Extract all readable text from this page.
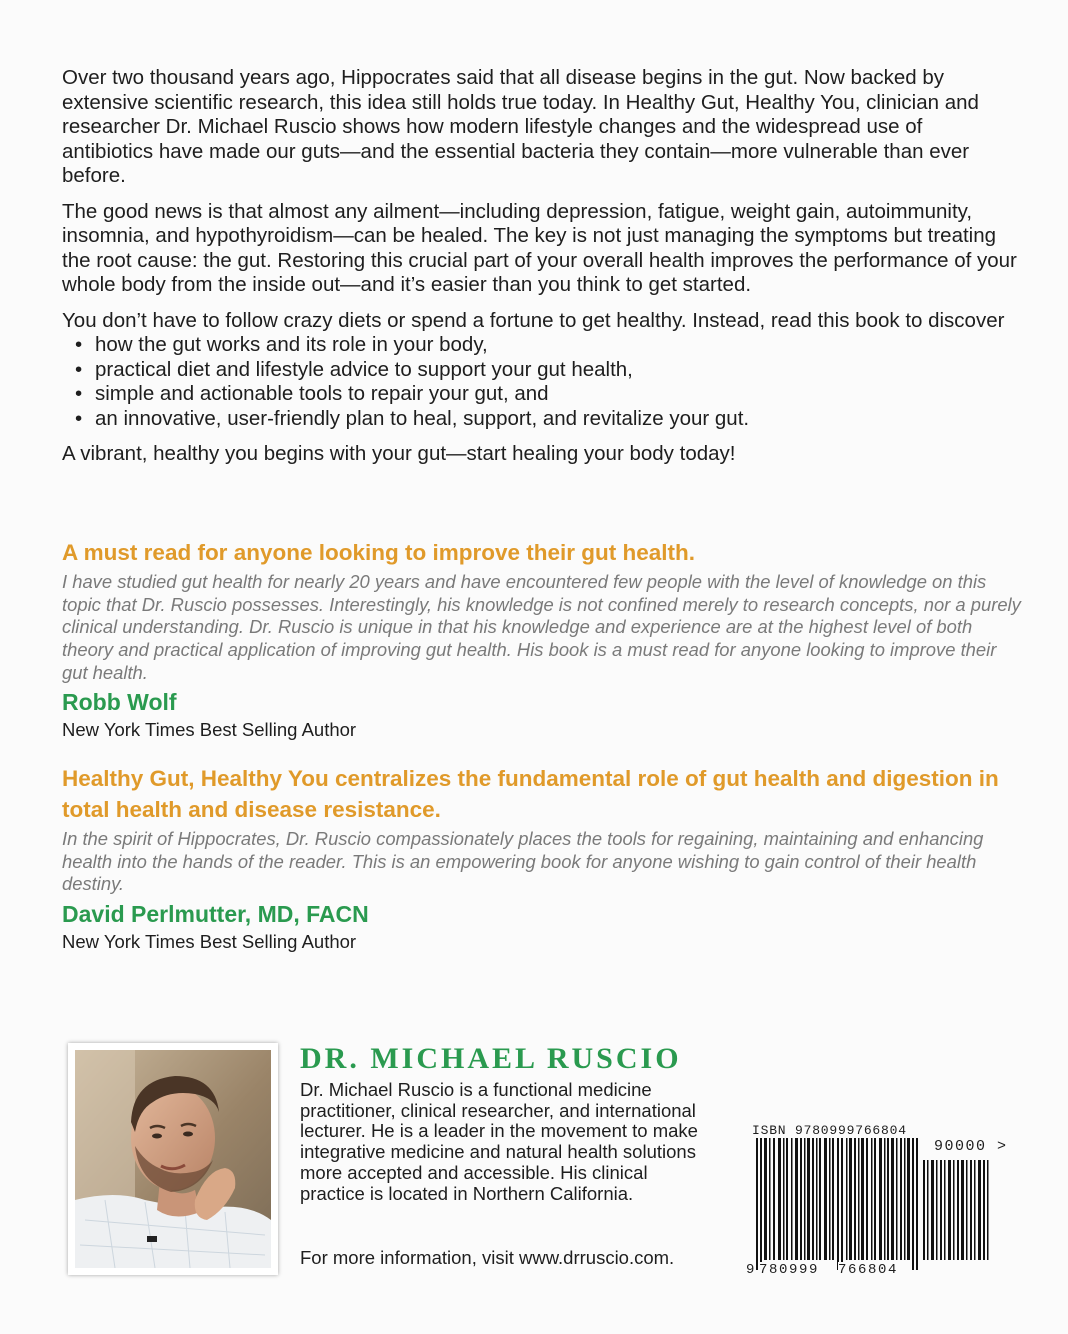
Over two thousand years ago, Hippocrates said that all disease begins in the gut. Now backed by extensive scientific research, this idea still holds true today. In Healthy Gut, Healthy You, clinician and researcher Dr. Michael Ruscio shows how modern lifestyle changes and the widespread use of antibiotics have made our guts—and the essential bacteria they contain—more vulnerable than ever before.

The good news is that almost any ailment—including depression, fatigue, weight gain, autoimmunity, insomnia, and hypothyroidism—can be healed. The key is not just managing the symptoms but treating the root cause: the gut. Restoring this crucial part of your overall health improves the performance of your whole body from the inside out—and it’s easier than you think to get started.

You don’t have to follow crazy diets or spend a fortune to get healthy. Instead, read this book to discover

• how the gut works and its role in your body,
• practical diet and lifestyle advice to support your gut health,
• simple and actionable tools to repair your gut, and
• an innovative, user-friendly plan to heal, support, and revitalize your gut.

A vibrant, healthy you begins with your gut—start healing your body today!

A must read for anyone looking to improve their gut health.

I have studied gut health for nearly 20 years and have encountered few people with the level of knowledge on this topic that Dr. Ruscio possesses. Interestingly, his knowledge is not confined merely to research concepts, nor a purely clinical understanding. Dr. Ruscio is unique in that his knowledge and experience are at the highest level of both theory and practical application of improving gut health. His book is a must read for anyone looking to improve their gut health.

Robb Wolf

New York Times Best Selling Author

Healthy Gut, Healthy You centralizes the fundamental role of gut health and digestion in total health and disease resistance.

In the spirit of Hippocrates, Dr. Ruscio compassionately places the tools for regaining, maintaining and enhancing health into the hands of the reader. This is an empowering book for anyone wishing to gain control of their health destiny.

David Perlmutter, MD, FACN

New York Times Best Selling Author

DR. MICHAEL RUSCIO

Dr. Michael Ruscio is a functional medicine practitioner, clinical researcher, and international lecturer. He is a leader in the movement to make integrative medicine and natural health solutions more accepted and accessible. His clinical practice is located in Northern California.

For more information, visit www.drruscio.com.

ISBN 9780999766804
90000 >
9 780999 766804
